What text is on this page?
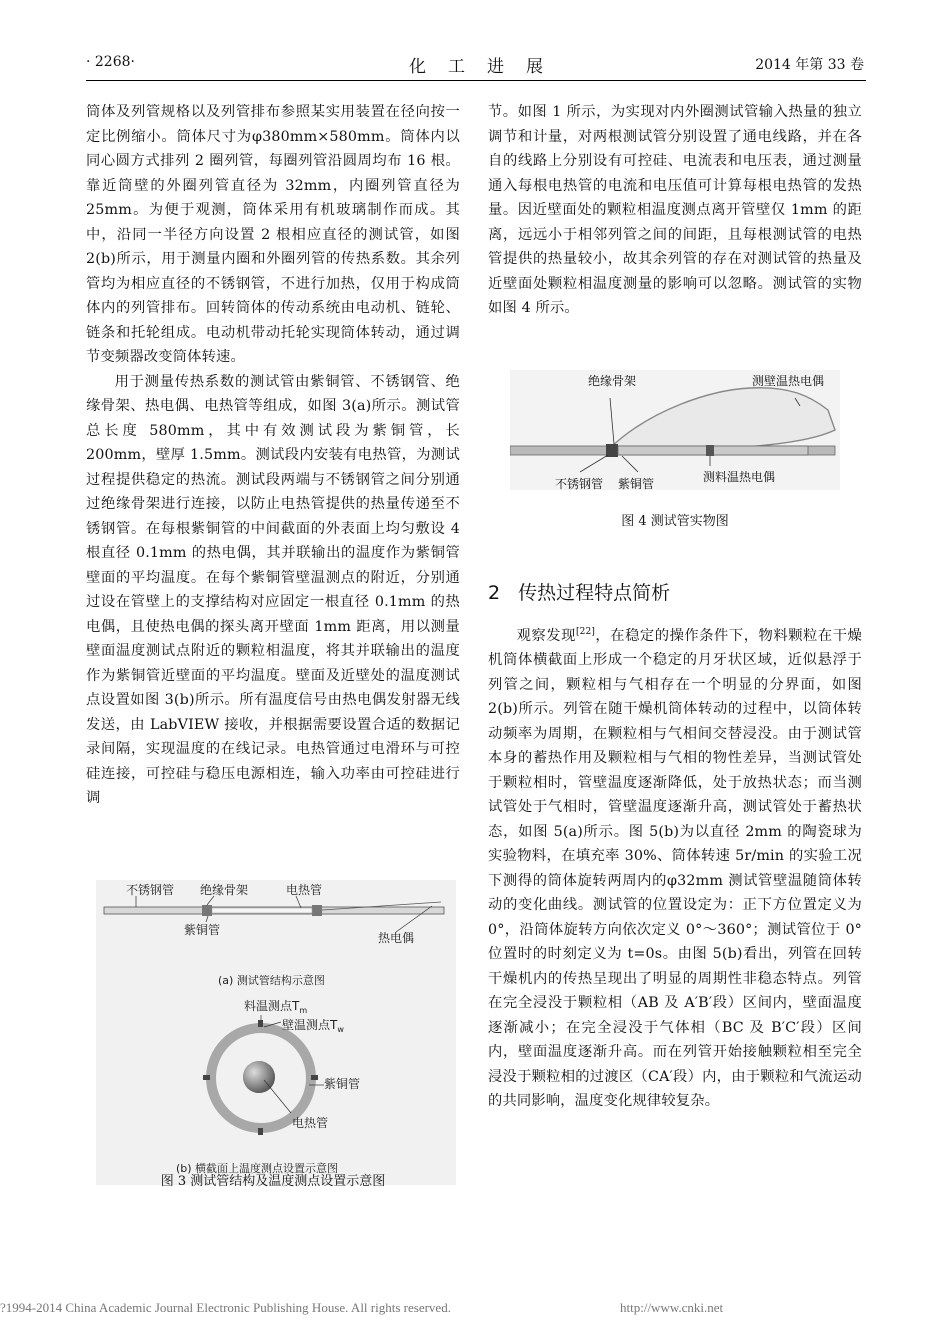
· 2268·	化工进展	2014 年第 33 卷

筒体及列管规格以及列管排布参照某实用装置在径向按一定比例缩小。筒体尺寸为φ380mm×580mm。筒体内以同心圆方式排列 2 圈列管，每圈列管沿圆周均布 16 根。靠近筒壁的外圈列管直径为 32mm，内圈列管直径为 25mm。为便于观测，筒体采用有机玻璃制作而成。其中，沿同一半径方向设置 2 根相应直径的测试管，如图 2(b)所示，用于测量内圈和外圈列管的传热系数。其余列管均为相应直径的不锈钢管，不进行加热，仅用于构成筒体内的列管排布。回转筒体的传动系统由电动机、链轮、链条和托轮组成。电动机带动托轮实现筒体转动，通过调节变频器改变筒体转速。

用于测量传热系数的测试管由紫铜管、不锈钢管、绝缘骨架、热电偶、电热管等组成，如图 3(a)所示。测试管总长度 580mm，其中有效测试段为紫铜管，长 200mm，壁厚 1.5mm。测试段内安装有电热管，为测试过程提供稳定的热流。测试段两端与不锈钢管之间分别通过绝缘骨架进行连接，以防止电热管提供的热量传递至不锈钢管。在每根紫铜管的中间截面的外表面上均匀敷设 4 根直径 0.1mm 的热电偶，其并联输出的温度作为紫铜管壁面的平均温度。在每个紫铜管壁温测点的附近，分别通过设在管壁上的支撑结构对应固定一根直径 0.1mm 的热电偶，且使热电偶的探头离开壁面 1mm 距离，用以测量壁面温度测试点附近的颗粒相温度，将其并联输出的温度作为紫铜管近壁面的平均温度。壁面及近壁处的温度测试点设置如图 3(b)所示。所有温度信号由热电偶发射器无线发送，由 LabVIEW 接收，并根据需要设置合适的数据记录间隔，实现温度的在线记录。电热管通过电滑环与可控硅连接，可控硅与稳压电源相连，输入功率由可控硅进行调

节。如图 1 所示，为实现对内外圈测试管输入热量的独立调节和计量，对两根测试管分别设置了通电线路，并在各自的线路上分别设有可控硅、电流表和电压表，通过测量通入每根电热管的电流和电压值可计算每根电热管的发热量。因近壁面处的颗粒相温度测点离开管壁仅 1mm 的距离，远远小于相邻列管之间的间距，且每根测试管的电热管提供的热量较小，故其余列管的存在对测试管的热量及近壁面处颗粒相温度测量的影响可以忽略。测试管的实物如图 4 所示。

绝缘骨架	测壁温热电偶
不锈钢管 紫铜管	测料温热电偶
图 4 测试管实物图
2 传热过程特点简析

观察发现[22]，在稳定的操作条件下，物料颗粒在干燥机筒体横截面上形成一个稳定的月牙状区域，近似悬浮于列管之间，颗粒相与气相存在一个明显的分界面，如图 2(b)所示。列管在随干燥机筒体转动的过程中，以筒体转动频率为周期，在颗粒相与气相间交替浸没。由于测试管本身的蓄热作用及颗粒相与气相的物性差异，当测试管处于颗粒相时，管壁温度逐渐降低，处于放热状态；而当测试管处于气相时，管壁温度逐渐升高，测试管处于蓄热状态，如图 5(a)所示。图 5(b)为以直径 2mm 的陶瓷球为实验物料，在填充率 30%、筒体转速 5r/min 的实验工况下测得的筒体旋转两周内的φ32mm 测试管壁温随筒体转动的变化曲线。测试管的位置设定为：正下方位置定义为 0°，沿筒体旋转方向依次定义 0°～360°；测试管位于 0°位置时的时刻定义为 t=0s。由图 5(b)看出，列管在回转干燥机内的传热呈现出了明显的周期性非稳态特点。列管在完全浸没于颗粒相（AB 及 A′B′段）区间内，壁面温度逐渐减小；在完全浸没于气体相（BC 及 B′C′段）区间内，壁面温度逐渐升高。而在列管开始接触颗粒相至完全浸没于颗粒相的过渡区（CA′段）内，由于颗粒和气流运动的共同影响，温度变化规律较复杂。

不锈钢管 绝缘骨架	电热管
紫铜管
热电偶
(a) 测试管结构示意图
料温测点$T_m$
壁温测点$T_w$
紫铜管
电热管
(b) 横截面上温度测点设置示意图
图 3 测试管结构及温度测点设置示意图
?1994-2014 China Academic Journal Electronic Publishing House. All rights reserved.	http://www.cnki.net
